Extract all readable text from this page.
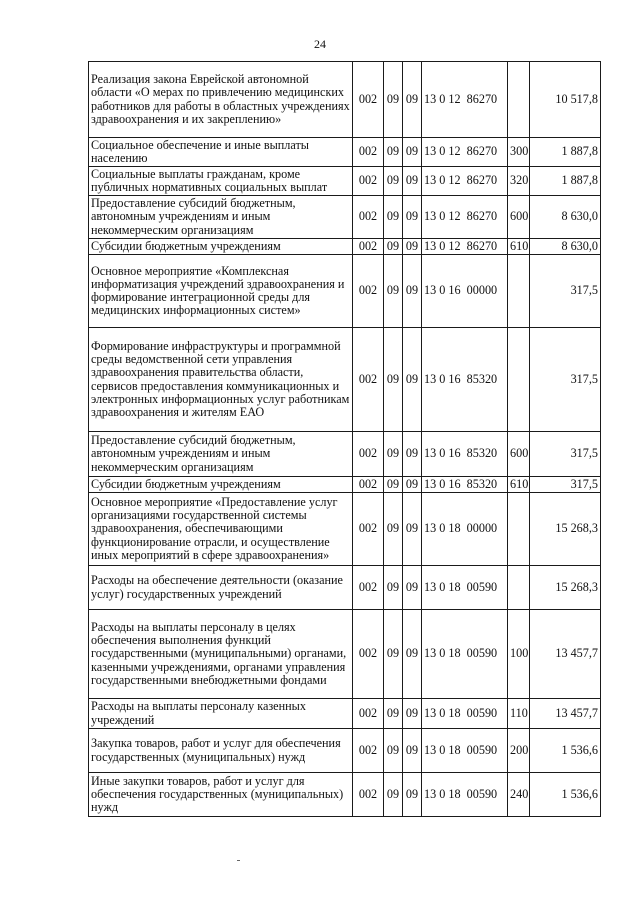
24
Реализация закона Еврейской автономной области «О мерах по привлечению медицинских работников для работы в областных учреждениях здравоохранения и их закреплению»	002	09	09	13 0 12  86270		10 517,8
Социальное обеспечение и иные выплаты населению	002	09	09	13 0 12  86270	300	1 887,8
Социальные выплаты гражданам, кроме публичных нормативных социальных выплат	002	09	09	13 0 12  86270	320	1 887,8
Предоставление субсидий бюджетным, автономным учреждениям и иным некоммерческим организациям	002	09	09	13 0 12  86270	600	8 630,0
Субсидии бюджетным учреждениям	002	09	09	13 0 12  86270	610	8 630,0
Основное мероприятие «Комплексная информатизация учреждений здравоохранения и формирование интеграционной среды для медицинских информационных систем»	002	09	09	13 0 16  00000		317,5
Формирование инфраструктуры и программной среды ведомственной сети управления здравоохранения правительства области, сервисов предоставления коммуникационных и электронных информационных услуг работникам здравоохранения и жителям ЕАО	002	09	09	13 0 16  85320		317,5
Предоставление субсидий бюджетным, автономным учреждениям и иным некоммерческим организациям	002	09	09	13 0 16  85320	600	317,5
Субсидии бюджетным учреждениям	002	09	09	13 0 16  85320	610	317,5
Основное мероприятие «Предоставление услуг организациями государственной системы здравоохранения, обеспечивающими функционирование отрасли, и осуществление иных мероприятий в сфере здравоохранения»	002	09	09	13 0 18  00000		15 268,3
Расходы на обеспечение деятельности (оказание услуг) государственных учреждений	002	09	09	13 0 18  00590		15 268,3
Расходы на выплаты персоналу в целях обеспечения выполнения функций государственными (муниципальными) органами, казенными учреждениями, органами управления государственными внебюджетными фондами	002	09	09	13 0 18  00590	100	13 457,7
Расходы на выплаты персоналу казенных учреждений	002	09	09	13 0 18  00590	110	13 457,7
Закупка товаров, работ и услуг для обеспечения государственных (муниципальных) нужд	002	09	09	13 0 18  00590	200	1 536,6
Иные закупки товаров, работ и услуг для обеспечения государственных (муниципальных) нужд	002	09	09	13 0 18  00590	240	1 536,6
